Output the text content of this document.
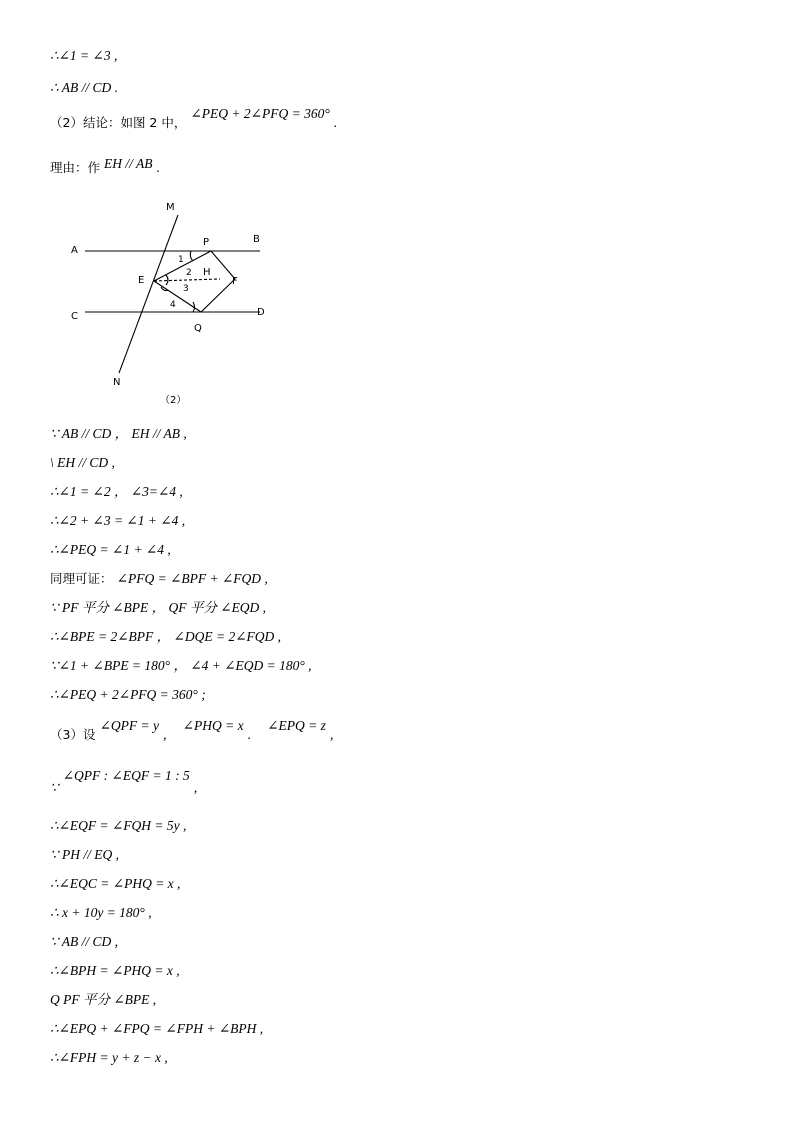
∴∠1 = ∠3 ,
∴ AB // CD .
（2）结论：如图 2 中， ∠PEQ + 2∠PFQ = 360° .
理由：作 EH // AB .
M
A
P	B
E
H
F
C	D
Q
N
1
2
3
4
（2）
∵ AB // CD ， EH // AB ,
\ EH // CD ,
∴∠1 = ∠2 ， ∠3=∠4 ,
∴∠2 + ∠3 = ∠1 + ∠4 ,
∴∠PEQ = ∠1 + ∠4 ,
同理可证： ∠PFQ = ∠BPF + ∠FQD ,
∵ PF 平分 ∠BPE ， QF 平分 ∠EQD ,
∴∠BPE = 2∠BPF ， ∠DQE = 2∠FQD ,
∵∠1 + ∠BPE = 180° ， ∠4 + ∠EQD = 180° ,
∴∠PEQ + 2∠PFQ = 360° ;
（3）设 ∠QPF = y , ∠PHQ = x . ∠EPQ = z ,
∵ ∠QPF : ∠EQF = 1 : 5 ,
∴∠EQF = ∠FQH = 5y ,
∵ PH // EQ ,
∴∠EQC = ∠PHQ = x ,
∴ x + 10y = 180° ,
∵ AB // CD ,
∴∠BPH = ∠PHQ = x ,
Q PF 平分 ∠BPE ,
∴∠EPQ + ∠FPQ = ∠FPH + ∠BPH ,
∴∠FPH = y + z − x ,
